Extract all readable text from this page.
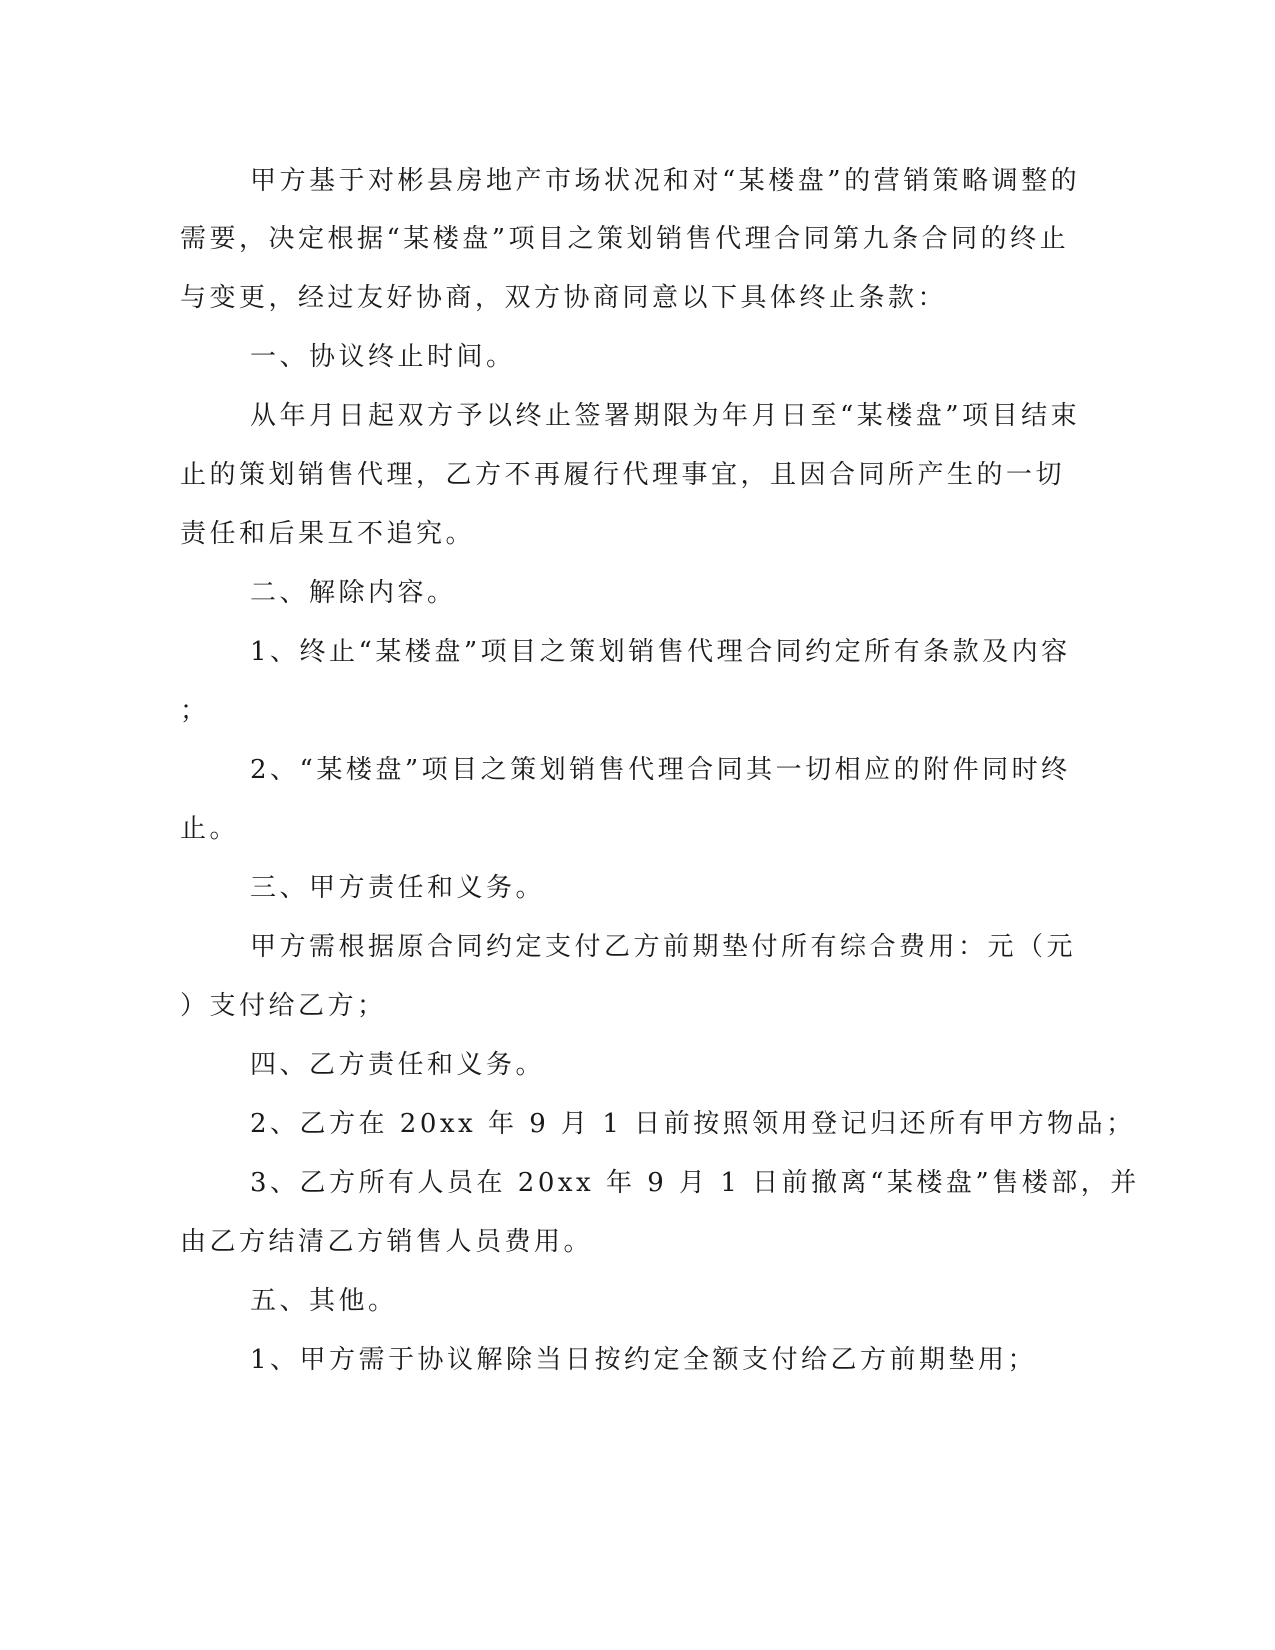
甲方基于对彬县房地产市场状况和对“某楼盘”的营销策略调整的
需要，决定根据“某楼盘”项目之策划销售代理合同第九条合同的终止
与变更，经过友好协商，双方协商同意以下具体终止条款：
一、协议终止时间。
从年月日起双方予以终止签署期限为年月日至“某楼盘”项目结束
止的策划销售代理，乙方不再履行代理事宜，且因合同所产生的一切
责任和后果互不追究。
二、解除内容。
1、终止“某楼盘”项目之策划销售代理合同约定所有条款及内容
；
2、“某楼盘”项目之策划销售代理合同其一切相应的附件同时终
止。
三、甲方责任和义务。
甲方需根据原合同约定支付乙方前期垫付所有综合费用：元（元
）支付给乙方；
四、乙方责任和义务。
2、乙方在 20xx 年 9 月 1 日前按照领用登记归还所有甲方物品；
3、乙方所有人员在 20xx 年 9 月 1 日前撤离“某楼盘”售楼部，并
由乙方结清乙方销售人员费用。
五、其他。
1、甲方需于协议解除当日按约定全额支付给乙方前期垫用；
